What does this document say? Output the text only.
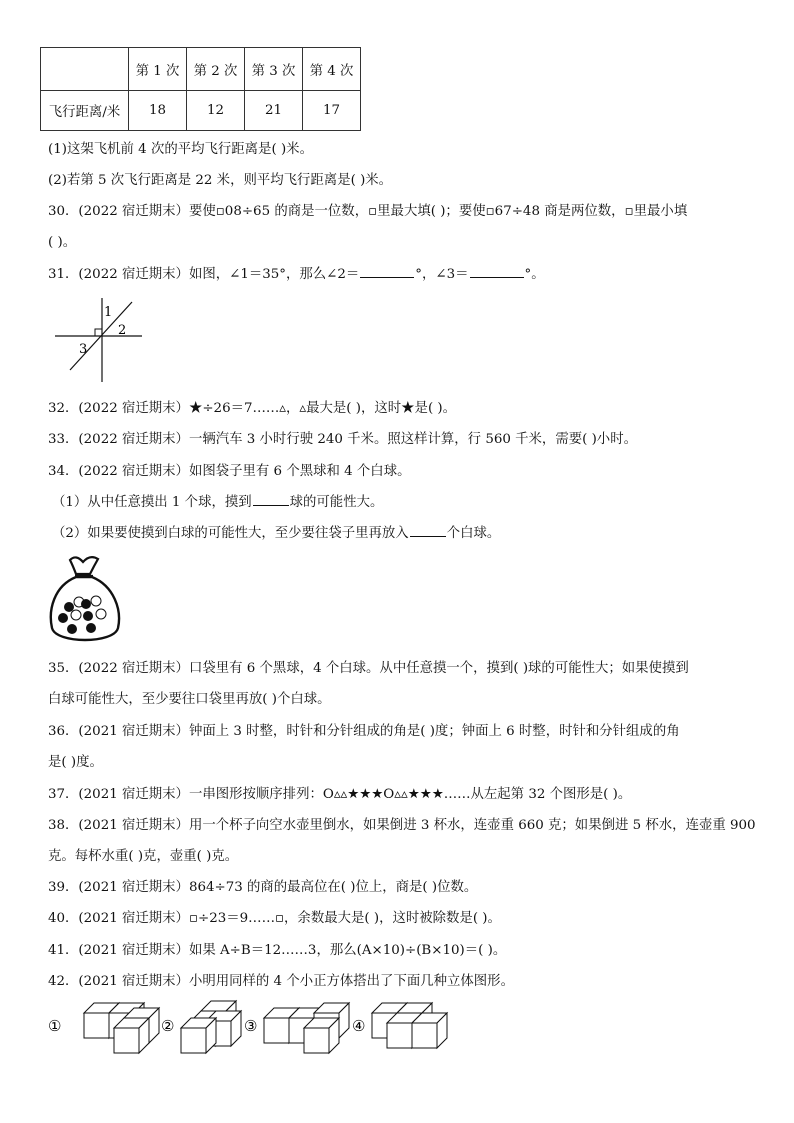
	第 1 次	第 2 次	第 3 次	第 4 次
飞行距离/米	18	12	21	17
(1)这架飞机前 4 次的平均飞行距离是( )米。
(2)若第 5 次飞行距离是 22 米，则平均飞行距离是( )米。
30．(2022 宿迁期末）要使▫08÷65 的商是一位数，▫里最大填( )；要使▫67÷48 商是两位数，▫里最小填
( )。
31．(2022 宿迁期末）如图，∠1＝35°，那么∠2＝	°，∠3＝	°。
1
2
3
32．(2022 宿迁期末）★÷26＝7……▵，▵最大是( )，这时★是( )。
33．(2022 宿迁期末）一辆汽车 3 小时行驶 240 千米。照这样计算，行 560 千米，需要( )小时。
34．(2022 宿迁期末）如图袋子里有 6 个黑球和 4 个白球。
（1）从中任意摸出 1 个球，摸到	球的可能性大。
（2）如果要使摸到白球的可能性大，至少要往袋子里再放入	个白球。
35．(2022 宿迁期末）口袋里有 6 个黑球，4 个白球。从中任意摸一个，摸到( )球的可能性大；如果使摸到
白球可能性大，至少要往口袋里再放( )个白球。
36．(2021 宿迁期末）钟面上 3 时整，时针和分针组成的角是( )度；钟面上 6 时整，时针和分针组成的角
是( )度。
37．(2021 宿迁期末）一串图形按顺序排列：O▵▵★★★O▵▵★★★……从左起第 32 个图形是( )。
38．(2021 宿迁期末）用一个杯子向空水壶里倒水，如果倒进 3 杯水，连壶重 660 克；如果倒进 5 杯水，连壶重 900
克。每杯水重( )克，壶重( )克。
39．(2021 宿迁期末）864÷73 的商的最高位在( )位上，商是( )位数。
40．(2021 宿迁期末）▫÷23＝9……▫，余数最大是( )，这时被除数是( )。
41．(2021 宿迁期末）如果 A÷B＝12……3，那么(A×10)÷(B×10)＝( )。
42．(2021 宿迁期末）小明用同样的 4 个小正方体搭出了下面几种立体图形。
①	②	③	④
